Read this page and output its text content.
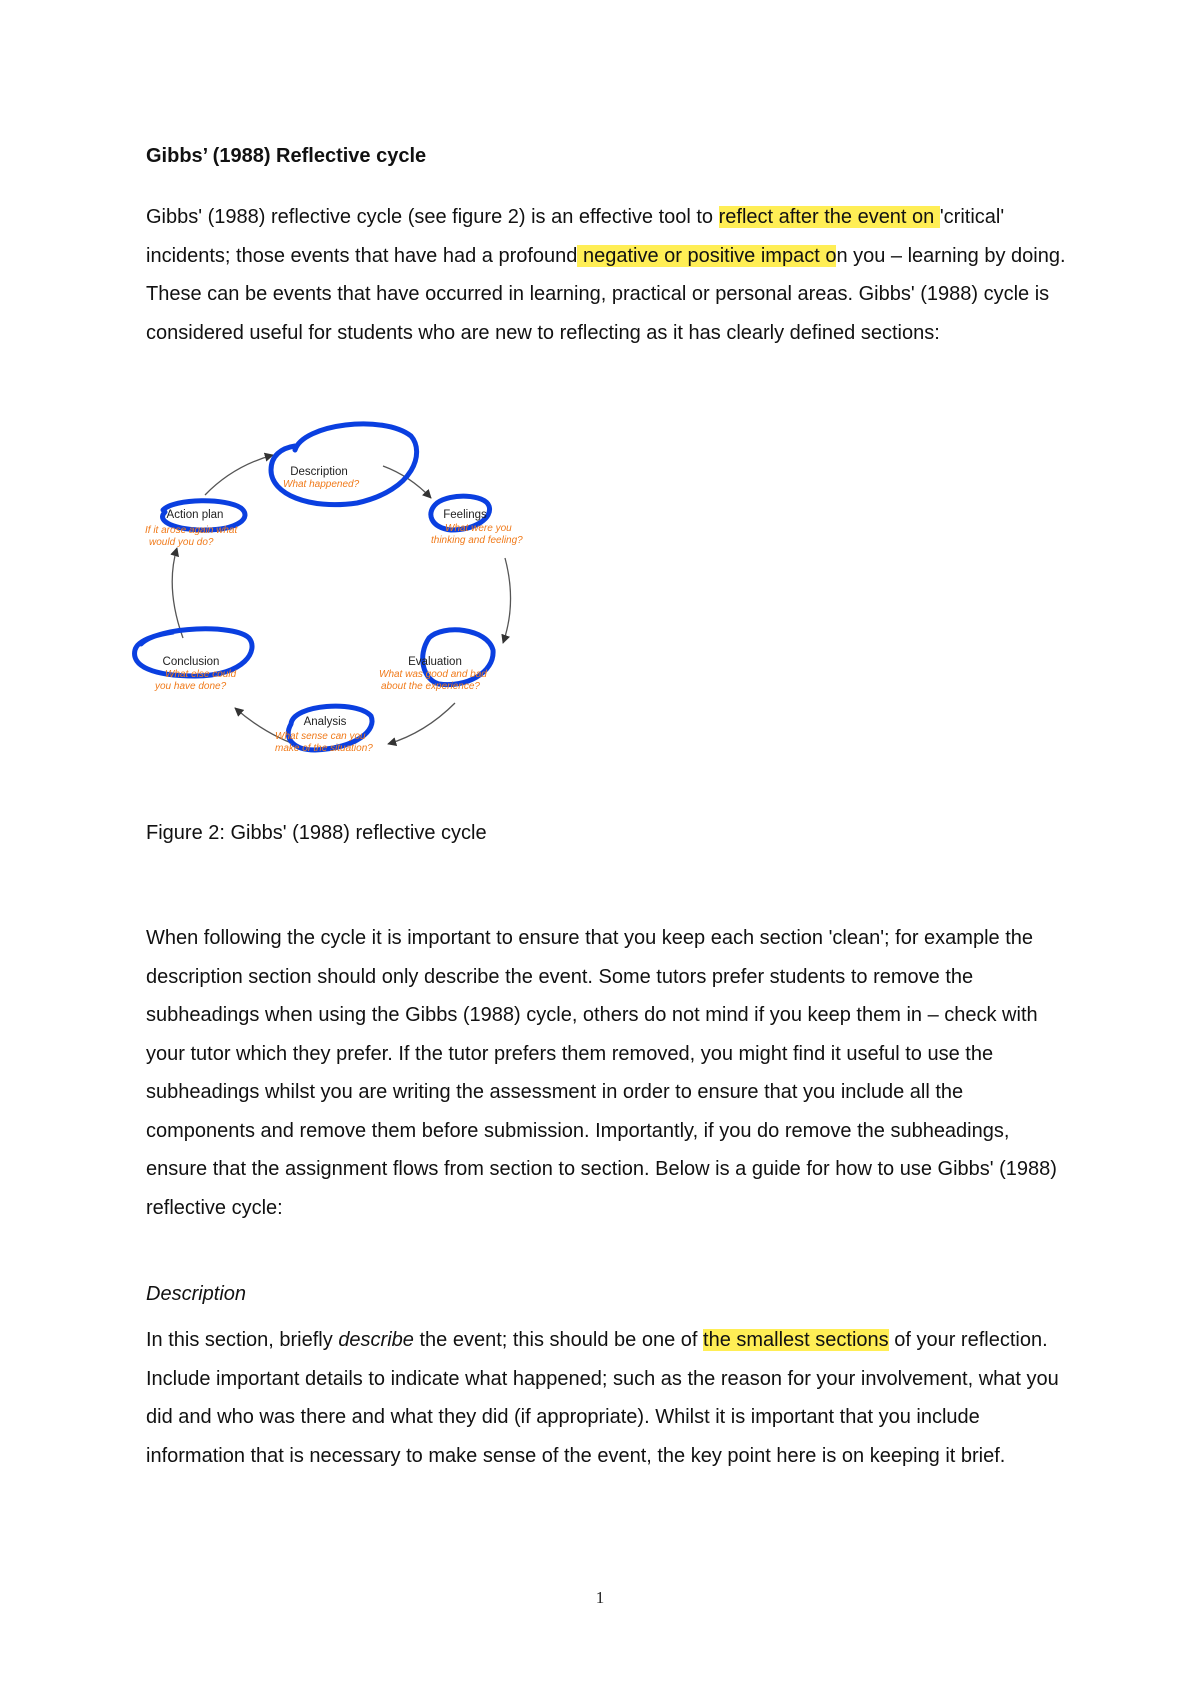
Gibbs’ (1988) Reflective cycle

Gibbs' (1988) reflective cycle (see figure 2) is an effective tool to reflect after the event on 'critical' incidents; those events that have had a profound negative or positive impact on you – learning by doing. These can be events that have occurred in learning, practical or personal areas. Gibbs' (1988) cycle is considered useful for students who are new to reflecting as it has clearly defined sections:

Description
Feelings
Evaluation
Analysis
Conclusion
Action plan
What happened?
What were you
thinking and feeling?
What was good and bad
about the experience?
What sense can you
make of the situation?
What else could
you have done?
If it arose again what
would you do?

Figure 2: Gibbs' (1988) reflective cycle

When following the cycle it is important to ensure that you keep each section 'clean'; for example the description section should only describe the event. Some tutors prefer students to remove the subheadings when using the Gibbs (1988) cycle, others do not mind if you keep them in – check with your tutor which they prefer. If the tutor prefers them removed, you might find it useful to use the subheadings whilst you are writing the assessment in order to ensure that you include all the components and remove them before submission. Importantly, if you do remove the subheadings, ensure that the assignment flows from section to section. Below is a guide for how to use Gibbs' (1988) reflective cycle:

Description

In this section, briefly describe the event; this should be one of the smallest sections of your reflection. Include important details to indicate what happened; such as the reason for your involvement, what you did and who was there and what they did (if appropriate). Whilst it is important that you include information that is necessary to make sense of the event, the key point here is on keeping it brief.

1
